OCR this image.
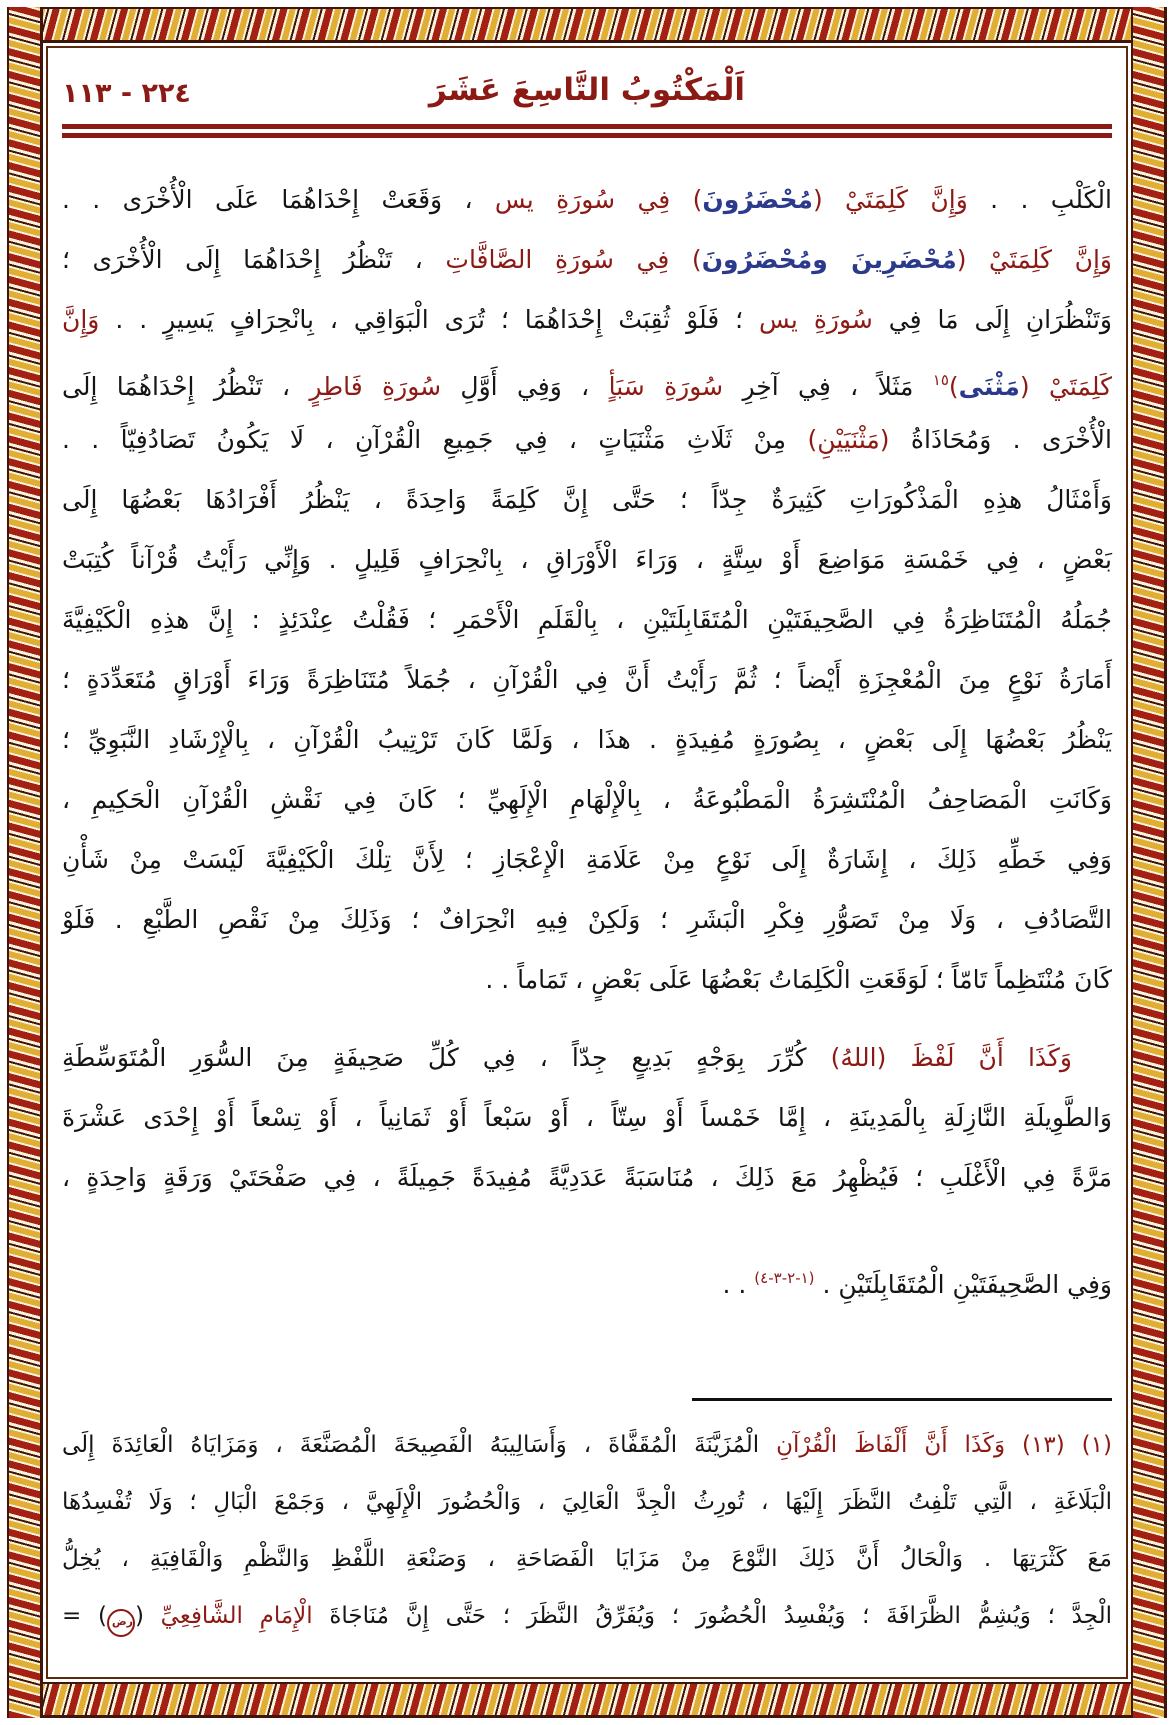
٢٢٤ - ١١٣	اَلْمَكْتُوبُ التَّاسِعَ عَشَرَ
الْكَلْبِ . . وَإِنَّ كَلِمَتَيْ (مُحْضَرُونَ) فِي سُورَةِ يس ، وَقَعَتْ إِحْدَاهُمَا عَلَى الْأُخْرَى . .
وَإِنَّ كَلِمَتَيْ (مُحْضَرِينَ ومُحْضَرُونَ) فِي سُورَةِ الصَّافَّاتِ ، تَنْظُرُ إِحْدَاهُمَا إِلَى الْأُخْرَى ؛
وَتَنْظُرَانِ إِلَى مَا فِي سُورَةِ يس ؛ فَلَوْ ثُقِبَتْ إِحْدَاهُمَا ؛ تُرَى الْبَوَاقِي ، بِانْحِرَافٍ يَسِيرٍ . . وَإِنَّ
كَلِمَتَيْ (مَثْنَى)$^{١٥}$ مَثَلاً ، فِي آخِرِ سُورَةِ سَبَأٍ ، وَفِي أَوَّلِ سُورَةِ فَاطِرٍ ، تَنْظُرُ إِحْدَاهُمَا إِلَى
الْأُخْرَى . وَمُحَاذَاةُ (مَثْنَيَيْنِ) مِنْ ثَلَاثِ مَثْنَيَاتٍ ، فِي جَمِيعِ الْقُرْآنِ ، لَا يَكُونُ تَصَادُفِيّاً . .
وَأَمْثَالُ هذِهِ الْمَذْكُورَاتِ كَثِيرَةٌ جِدّاً ؛ حَتَّى إِنَّ كَلِمَةً وَاحِدَةً ، يَنْظُرُ أَفْرَادُهَا بَعْضُهَا إِلَى
بَعْضٍ ، فِي خَمْسَةِ مَوَاضِعَ أَوْ سِتَّةٍ ، وَرَاءَ الْأَوْرَاقِ ، بِانْحِرَافٍ قَلِيلٍ . وَإِنِّي رَأَيْتُ قُرْآناً كُتِبَتْ
جُمَلُهُ الْمُتَنَاظِرَةُ فِي الصَّحِيفَتَيْنِ الْمُتَقَابِلَتَيْنِ ، بِالْقَلَمِ الْأَحْمَرِ ؛ فَقُلْتُ عِنْدَئِذٍ : إِنَّ هذِهِ الْكَيْفِيَّةَ
أَمَارَةُ نَوْعٍ مِنَ الْمُعْجِزَةِ أَيْضاً ؛ ثُمَّ رَأَيْتُ أَنَّ فِي الْقُرْآنِ ، جُمَلاً مُتَنَاظِرَةً وَرَاءَ أَوْرَاقٍ مُتَعَدِّدَةٍ ؛
يَنْظُرُ بَعْضُهَا إِلَى بَعْضٍ ، بِصُورَةٍ مُفِيدَةٍ . هذَا ، وَلَمَّا كَانَ تَرْتِيبُ الْقُرْآنِ ، بِالْإِرْشَادِ النَّبَوِيِّ ؛
وَكَانَتِ الْمَصَاحِفُ الْمُنْتَشِرَةُ الْمَطْبُوعَةُ ، بِالْإِلْهَامِ الْإِلَهِيِّ ؛ كَانَ فِي نَقْشِ الْقُرْآنِ الْحَكِيمِ ،
وَفِي خَطِّهِ ذَلِكَ ، إِشَارَةٌ إِلَى نَوْعٍ مِنْ عَلَامَةِ الْإِعْجَازِ ؛ لِأَنَّ تِلْكَ الْكَيْفِيَّةَ لَيْسَتْ مِنْ شَأْنِ
التَّصَادُفِ ، وَلَا مِنْ تَصَوُّرِ فِكْرِ الْبَشَرِ ؛ وَلَكِنْ فِيهِ انْحِرَافٌ ؛ وَذَلِكَ مِنْ نَقْصِ الطَّبْعِ . فَلَوْ
كَانَ مُنْتَظِماً تَامّاً ؛ لَوَقَعَتِ الْكَلِمَاتُ بَعْضُهَا عَلَى بَعْضٍ ، تَمَاماً . .
وَكَذَا أَنَّ لَفْظَ (اللهُ) كُرِّرَ بِوَجْهٍ بَدِيعٍ جِدّاً ، فِي كُلِّ صَحِيفَةٍ مِنَ السُّوَرِ الْمُتَوَسِّطَةِ
وَالطَّوِيلَةِ النَّازِلَةِ بِالْمَدِينَةِ ، إِمَّا خَمْساً أَوْ سِتّاً ، أَوْ سَبْعاً أَوْ ثَمَانِياً ، أَوْ تِسْعاً أَوْ إِحْدَى عَشْرَةَ
مَرَّةً فِي الْأَغْلَبِ ؛ فَيُظْهِرُ مَعَ ذَلِكَ ، مُنَاسَبَةً عَدَدِيَّةً مُفِيدَةً جَمِيلَةً ، فِي صَفْحَتَيْ وَرَقَةٍ وَاحِدَةٍ ،
وَفِي الصَّحِيفَتَيْنِ الْمُتَقَابِلَتَيْنِ . $^{(١-٢-٣-٤)}$ . .
(١) (١٣) وَكَذَا أَنَّ أَلْفَاظَ الْقُرْآنِ الْمُزَيَّنَةَ الْمُقَفَّاةَ ، وَأَسَالِيبَهُ الْفَصِيحَةَ الْمُصَنَّعَةَ ، وَمَزَايَاهُ الْعَائِدَةَ إِلَى
الْبَلَاغَةِ ، الَّتِي تَلْفِتُ النَّظَرَ إِلَيْهَا ، تُورِثُ الْجِدَّ الْعَالِيَ ، وَالْحُضُورَ الْإِلَهِيَّ ، وَجَمْعَ الْبَالِ ؛ وَلَا تُفْسِدُهَا
مَعَ كَثْرَتِهَا . وَالْحَالُ أَنَّ ذَلِكَ النَّوْعَ مِنْ مَزَايَا الْفَصَاحَةِ ، وَصَنْعَةِ اللَّفْظِ وَالنَّظْمِ وَالْقَافِيَةِ ، يُخِلُّ
الْجِدَّ ؛ وَيُشِمُّ الظَّرَافَةَ ؛ وَيُفْسِدُ الْحُضُورَ ؛ وَيُفَرِّقُ النَّظَرَ ؛ حَتَّى إِنَّ مُنَاجَاةَ الْإِمَامِ الشَّافِعِيِّ (رض) =
